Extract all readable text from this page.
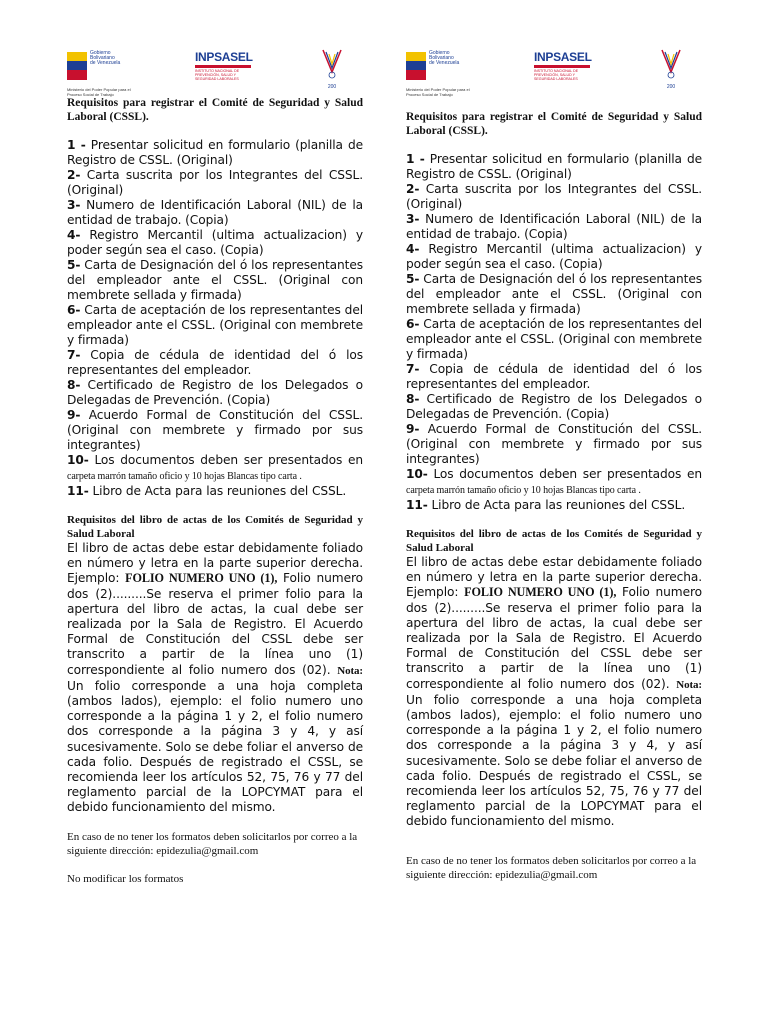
Gobierno
Bolivariano
de Venezuela
Ministerio del Poder Popular para el Proceso Social de Trabajo
INPSASEL
INSTITUTO NACIONAL DE PREVENCIÓN, SALUD Y SEGURIDAD LABORALES
200

Requisitos para registrar el Comité de Seguridad y Salud Laboral (CSSL).

1 - Presentar solicitud en formulario (planilla de Registro de CSSL. (Original)

2- Carta suscrita por los Integrantes del CSSL. (Original)

3- Numero de Identificación Laboral (NIL) de la entidad de trabajo. (Copia)

4- Registro Mercantil (ultima actualizacion) y poder según sea el caso. (Copia)

5- Carta de Designación del ó los representantes del empleador ante el CSSL. (Original con membrete sellada y firmada)

6- Carta de aceptación de los representantes del empleador ante el CSSL. (Original con membrete y firmada)

7- Copia de cédula de identidad del ó los representantes del empleador.

8- Certificado de Registro de los Delegados o Delegadas de Prevención. (Copia)

9- Acuerdo Formal de Constitución del CSSL. (Original con membrete y firmado por sus integrantes)

10- Los documentos deben ser presentados en carpeta marrón tamaño oficio y 10 hojas Blancas tipo carta .

11- Libro de Acta para las reuniones del CSSL.

Requisitos del libro de actas de los Comités de Seguridad y Salud Laboral

El libro de actas debe estar debidamente foliado en número y letra en la parte superior derecha. Ejemplo: FOLIO NUMERO UNO (1), Folio numero dos (2).........Se reserva el primer folio para la apertura del libro de actas, la cual debe ser realizada por la Sala de Registro. El Acuerdo Formal de Constitución del CSSL debe ser transcrito a partir de la línea uno (1) correspondiente al folio numero dos (02). Nota: Un folio corresponde a una hoja completa (ambos lados), ejemplo: el folio numero uno corresponde a la página 1 y 2, el folio numero dos corresponde a la página 3 y 4, y así sucesivamente. Solo se debe foliar el anverso de cada folio. Después de registrado el CSSL, se recomienda leer los artículos 52, 75, 76 y 77 del reglamento parcial de la LOPCYMAT para el debido funcionamiento del mismo.

En caso de no tener los formatos deben solicitarlos por correo a la siguiente dirección: epidezulia@gmail.com

No modificar los formatos

Gobierno
Bolivariano
de Venezuela
Ministerio del Poder Popular para el Proceso Social de Trabajo
INPSASEL
INSTITUTO NACIONAL DE PREVENCIÓN, SALUD Y SEGURIDAD LABORALES
200

Requisitos para registrar el Comité de Seguridad y Salud Laboral (CSSL).

1 - Presentar solicitud en formulario (planilla de Registro de CSSL. (Original)

2- Carta suscrita por los Integrantes del CSSL. (Original)

3- Numero de Identificación Laboral (NIL) de la entidad de trabajo. (Copia)

4- Registro Mercantil (ultima actualizacion) y poder según sea el caso. (Copia)

5- Carta de Designación del ó los representantes del empleador ante el CSSL. (Original con membrete sellada y firmada)

6- Carta de aceptación de los representantes del empleador ante el CSSL. (Original con membrete y firmada)

7- Copia de cédula de identidad del ó los representantes del empleador.

8- Certificado de Registro de los Delegados o Delegadas de Prevención. (Copia)

9- Acuerdo Formal de Constitución del CSSL. (Original con membrete y firmado por sus integrantes)

10- Los documentos deben ser presentados en carpeta marrón tamaño oficio y 10 hojas Blancas tipo carta .

11- Libro de Acta para las reuniones del CSSL.

Requisitos del libro de actas de los Comités de Seguridad y Salud Laboral

El libro de actas debe estar debidamente foliado en número y letra en la parte superior derecha. Ejemplo: FOLIO NUMERO UNO (1), Folio numero dos (2).........Se reserva el primer folio para la apertura del libro de actas, la cual debe ser realizada por la Sala de Registro. El Acuerdo Formal de Constitución del CSSL debe ser transcrito a partir de la línea uno (1) correspondiente al folio numero dos (02). Nota: Un folio corresponde a una hoja completa (ambos lados), ejemplo: el folio numero uno corresponde a la página 1 y 2, el folio numero dos corresponde a la página 3 y 4, y así sucesivamente. Solo se debe foliar el anverso de cada folio. Después de registrado el CSSL, se recomienda leer los artículos 52, 75, 76 y 77 del reglamento parcial de la LOPCYMAT para el debido funcionamiento del mismo.

En caso de no tener los formatos deben solicitarlos por correo a la siguiente dirección: epidezulia@gmail.com
